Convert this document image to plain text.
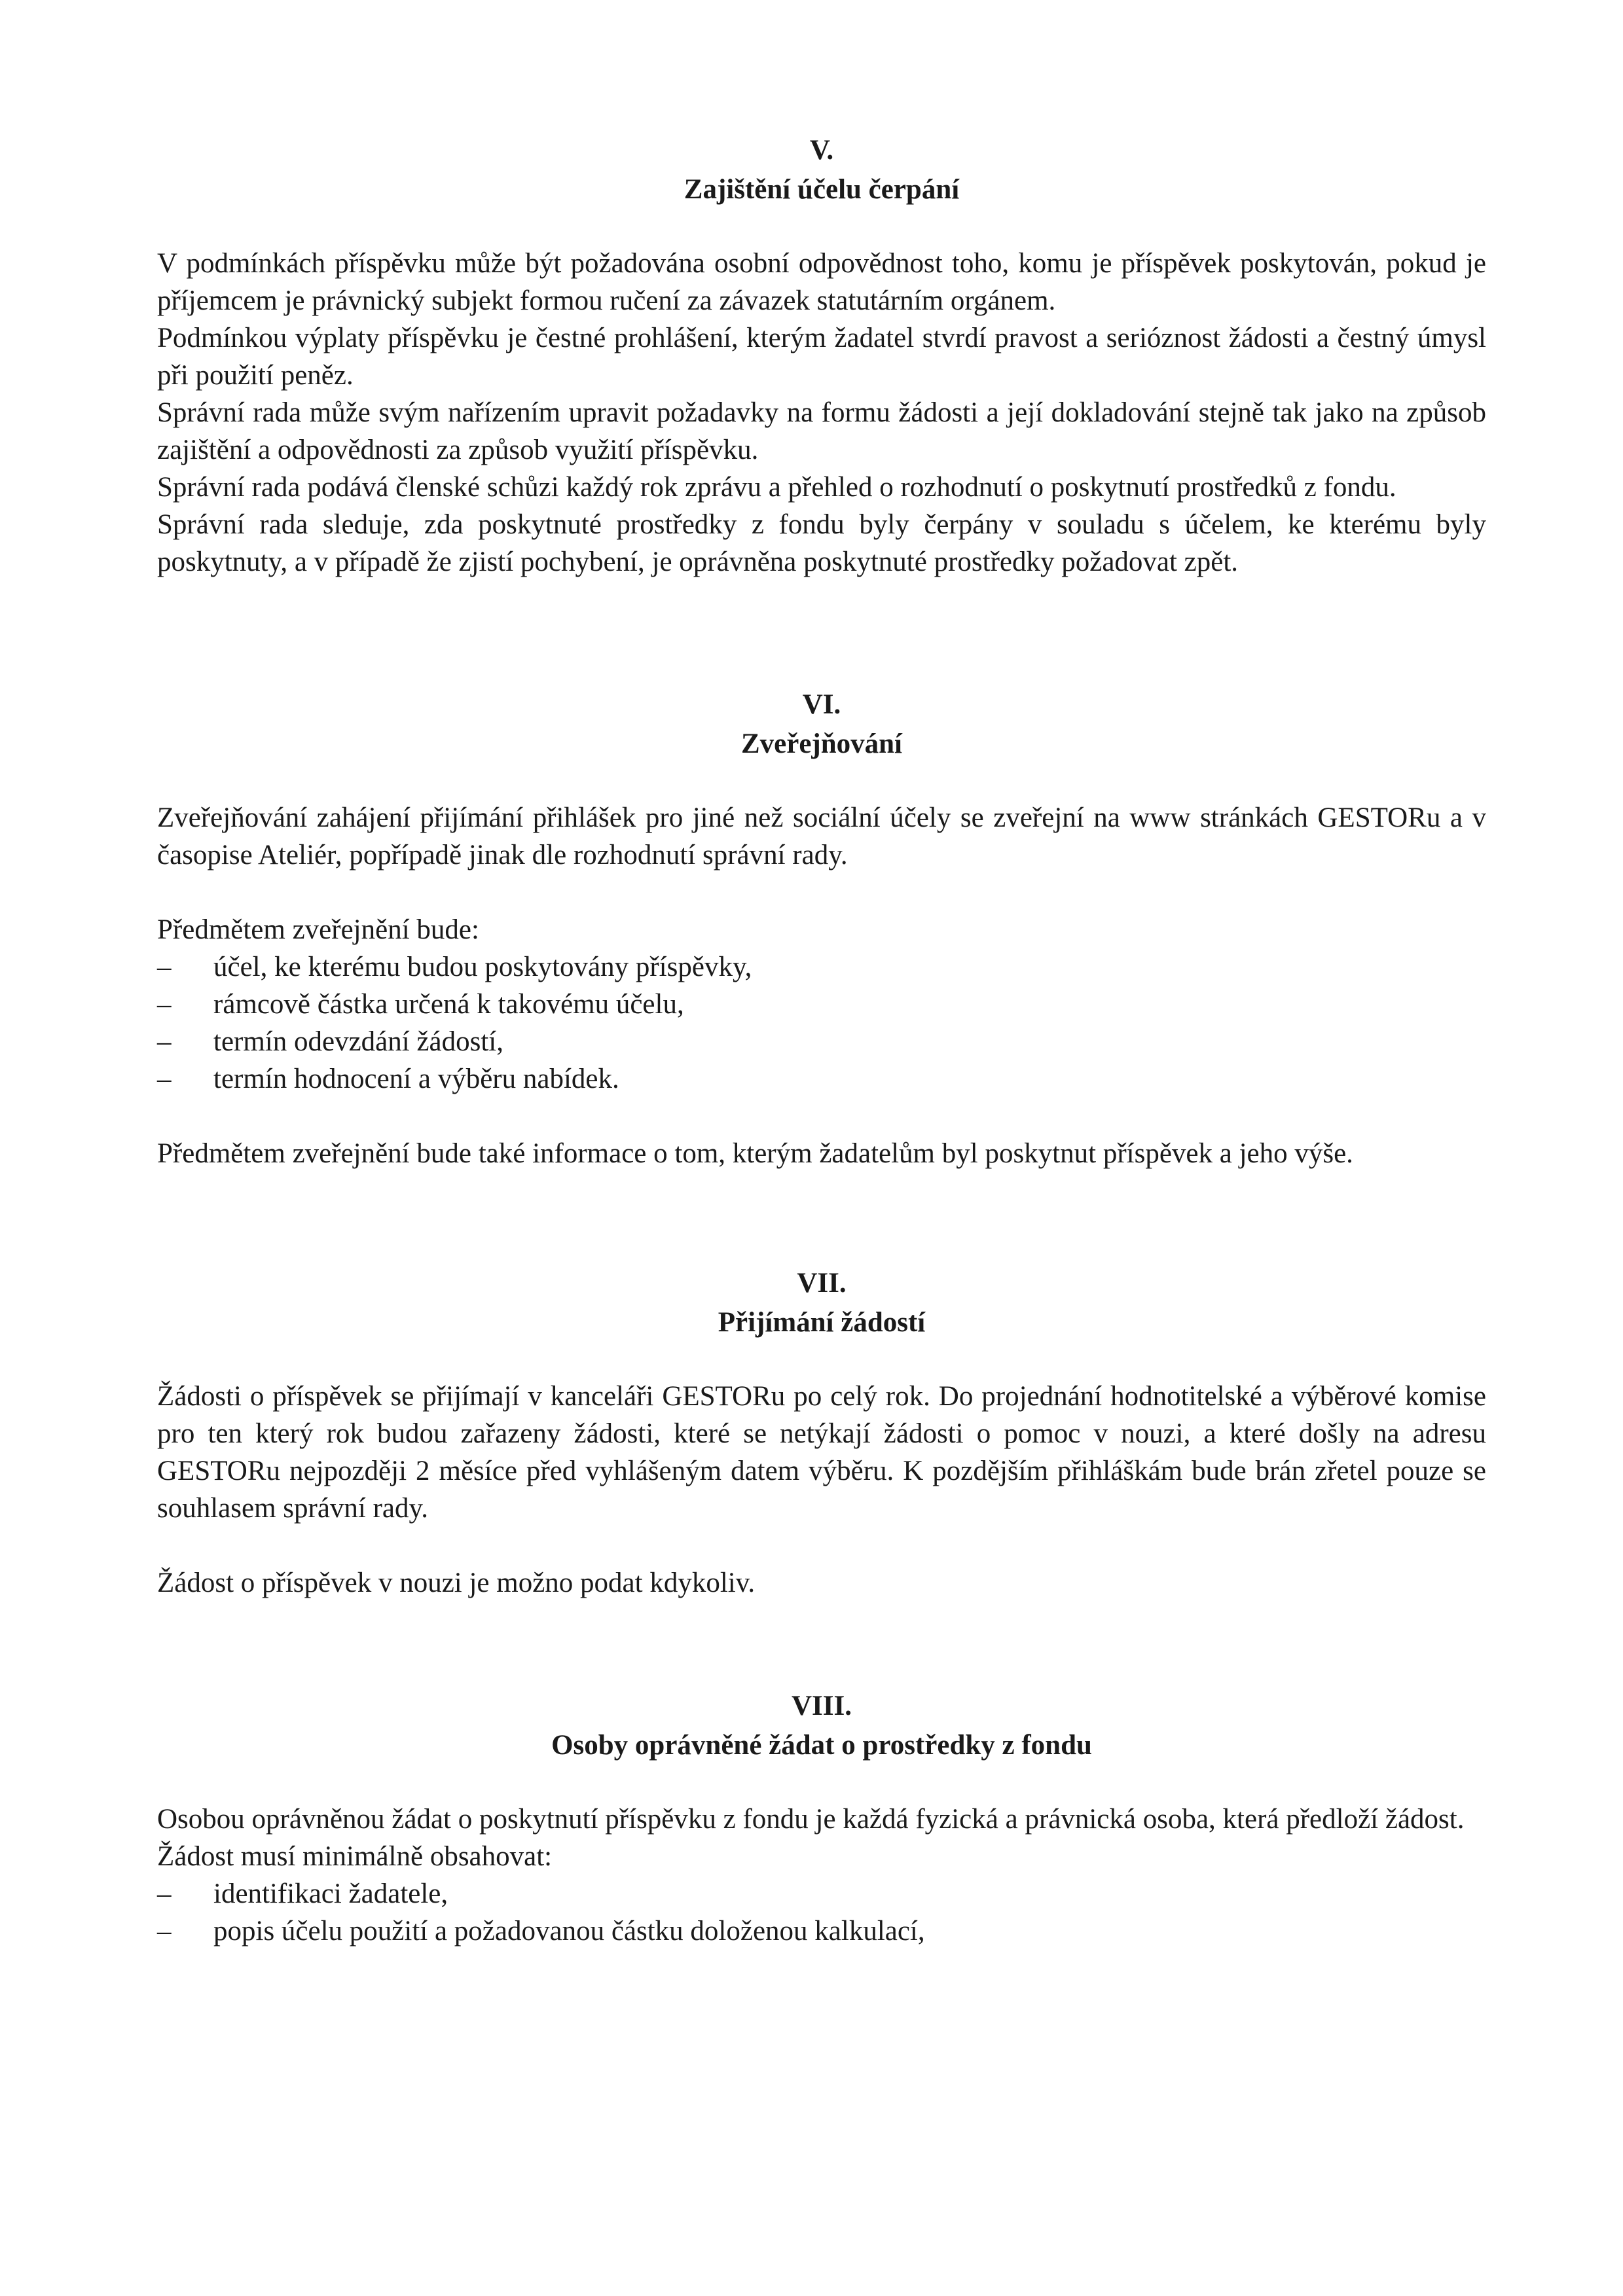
V.
Zajištění účelu čerpání

V podmínkách příspěvku může být požadována osobní odpovědnost toho, komu je příspěvek poskytován, pokud je příjemcem je právnický subjekt formou ručení za závazek statutárním orgánem.

Podmínkou výplaty příspěvku je čestné prohlášení, kterým žadatel stvrdí pravost a serióznost žádosti a čestný úmysl při použití peněz.

Správní rada může svým nařízením upravit požadavky na formu žádosti a její dokladování stejně tak jako na způsob zajištění a odpovědnosti za způsob využití příspěvku.

Správní rada podává členské schůzi každý rok zprávu a přehled o rozhodnutí o poskytnutí prostředků z fondu.

Správní rada sleduje, zda poskytnuté prostředky z fondu byly čerpány v souladu s účelem, ke kterému byly poskytnuty, a v případě že zjistí pochybení, je oprávněna poskytnuté prostředky požadovat zpět.

VI.
Zveřejňování

Zveřejňování zahájení přijímání přihlášek pro jiné než sociální účely se zveřejní na www stránkách GESTORu a v časopise Ateliér, popřípadě jinak dle rozhodnutí správní rady.

Předmětem zveřejnění bude:

–	účel, ke kterému budou poskytovány příspěvky,
–	rámcově částka určená k takovému účelu,
–	termín odevzdání žádostí,
–	termín hodnocení a výběru nabídek.

Předmětem zveřejnění bude také informace o tom, kterým žadatelům byl poskytnut příspěvek a jeho výše.

VII.
Přijímání žádostí

Žádosti o příspěvek se přijímají v kanceláři GESTORu po celý rok. Do projednání hodnotitelské a výběrové komise pro ten který rok budou zařazeny žádosti, které se netýkají žádosti o pomoc v nouzi, a které došly na adresu GESTORu nejpozději 2 měsíce před vyhlášeným datem výběru. K pozdějším přihláškám bude brán zřetel pouze se souhlasem správní rady.

Žádost o příspěvek v nouzi je možno podat kdykoliv.

VIII.
Osoby oprávněné žádat o prostředky z fondu

Osobou oprávněnou žádat o poskytnutí příspěvku z fondu je každá fyzická a právnická osoba, která předloží žádost.

Žádost musí minimálně obsahovat:

–	identifikaci žadatele,
–	popis účelu použití a požadovanou částku doloženou kalkulací,
